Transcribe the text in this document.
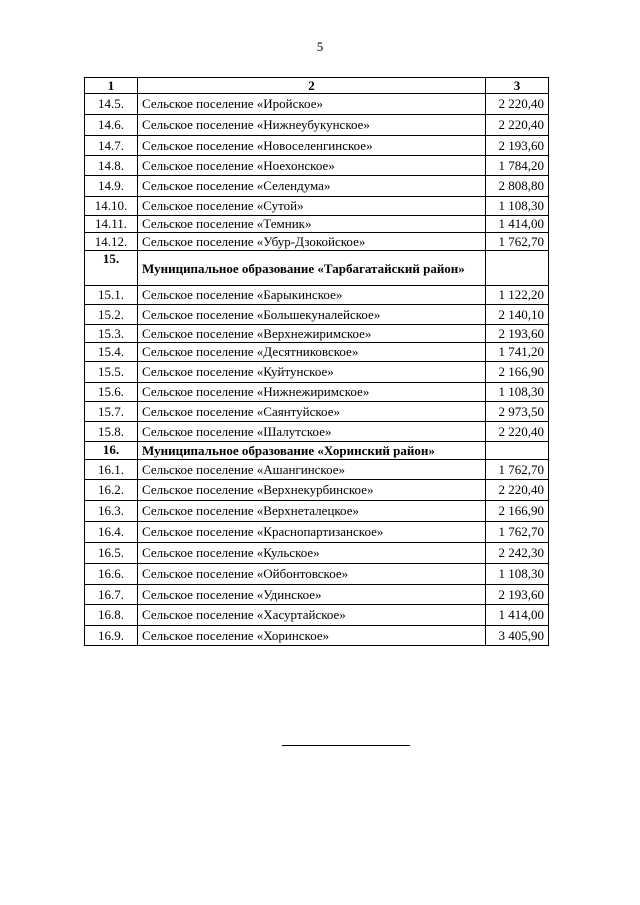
5
1	2	3
14.5.	Сельское поселение «Иройское»	2 220,40
14.6.	Сельское поселение «Нижнеубукунское»	2 220,40
14.7.	Сельское поселение «Новоселенгинское»	2 193,60
14.8.	Сельское поселение «Ноехонское»	1 784,20
14.9.	Сельское поселение «Селендума»	2 808,80
14.10.	Сельское поселение «Сутой»	1 108,30
14.11.	Сельское поселение «Темник»	1 414,00
14.12.	Сельское поселение «Убур-Дзокойское»	1 762,70
15.	Муниципальное образование «Тарбагатайский район»	
15.1.	Сельское поселение «Барыкинское»	1 122,20
15.2.	Сельское поселение «Большекуналейское»	2 140,10
15.3.	Сельское поселение «Верхнежиримское»	2 193,60
15.4.	Сельское поселение «Десятниковское»	1 741,20
15.5.	Сельское поселение «Куйтунское»	2 166,90
15.6.	Сельское поселение «Нижнежиримское»	1 108,30
15.7.	Сельское поселение «Саянтуйское»	2 973,50
15.8.	Сельское поселение «Шалутское»	2 220,40
16.	Муниципальное образование «Хоринский район»	
16.1.	Сельское поселение «Ашангинское»	1 762,70
16.2.	Сельское поселение «Верхнекурбинское»	2 220,40
16.3.	Сельское поселение «Верхнеталецкое»	2 166,90
16.4.	Сельское поселение «Краснопартизанское»	1 762,70
16.5.	Сельское поселение «Кульское»	2 242,30
16.6.	Сельское поселение «Ойбонтовское»	1 108,30
16.7.	Сельское поселение «Удинское»	2 193,60
16.8.	Сельское поселение «Хасуртайское»	1 414,00
16.9.	Сельское поселение «Хоринское»	3 405,90
